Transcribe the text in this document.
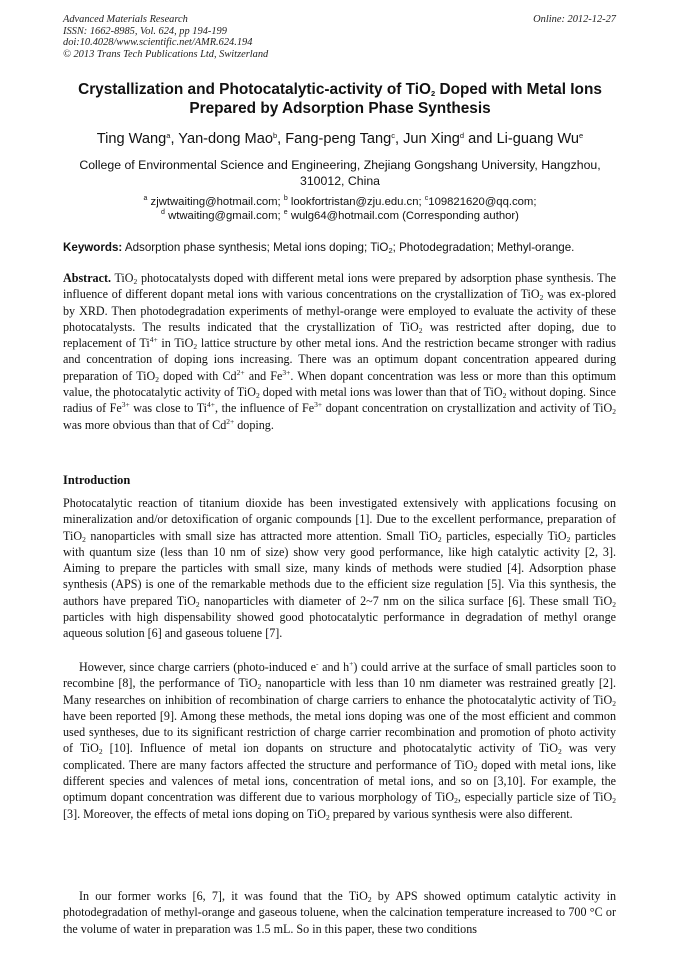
Advanced Materials Research
ISSN: 1662-8985, Vol. 624, pp 194-199
doi:10.4028/www.scientific.net/AMR.624.194
© 2013 Trans Tech Publications Ltd, Switzerland
Online: 2012-12-27
Crystallization and Photocatalytic-activity of TiO$_2$ Doped with Metal Ions
Prepared by Adsorption Phase Synthesis
Ting Wang$^a$, Yan-dong Mao$^b$, Fang-peng Tang$^c$, Jun Xing$^d$ and Li-guang Wu$^e$
College of Environmental Science and Engineering, Zhejiang Gongshang University, Hangzhou,
310012, China
$^a$ zjwtwaiting@hotmail.com; $^b$ lookfortristan@zju.edu.cn; $^c$109821620@qq.com;
$^d$ wtwaiting@gmail.com; $^e$ wulg64@hotmail.com (Corresponding author)
Keywords: Adsorption phase synthesis; Metal ions doping; TiO$_2$; Photodegradation; Methyl-orange.
Abstract. TiO$_2$ photocatalysts doped with different metal ions were prepared by adsorption phase synthesis. The influence of different dopant metal ions with various concentrations on the crystallization of TiO$_2$ was ex-plored by XRD. Then photodegradation experiments of methyl-orange were employed to evaluate the activity of these photocatalysts. The results indicated that the crystallization of TiO$_2$ was restricted after doping, due to replacement of $Ti^{4+}$ in TiO$_2$ lattice structure by other metal ions. And the restriction became stronger with radius and concentration of doping ions increasing. There was an optimum dopant concentration appeared during preparation of TiO$_2$ doped with $Cd^{2+}$ and $Fe^{3+}$. When dopant concentration was less or more than this optimum value, the photocatalytic activity of TiO$_2$ doped with metal ions was lower than that of TiO$_2$ without doping. Since radius of $Fe^{3+}$ was close to $Ti^{4+}$, the influence of $Fe^{3+}$ dopant concentration on crystallization and activity of TiO$_2$ was more obvious than that of $Cd^{2+}$ doping.
Introduction
Photocatalytic reaction of titanium dioxide has been investigated extensively with applications focusing on mineralization and/or detoxification of organic compounds [1]. Due to the excellent performance, preparation of TiO$_2$ nanoparticles with small size has attracted more attention. Small TiO$_2$ particles, especially TiO$_2$ particles with quantum size (less than 10 nm of size) show very good performance, like high catalytic activity [2, 3]. Aiming to prepare the particles with small size, many kinds of methods were studied [4]. Adsorption phase synthesis (APS) is one of the remarkable methods due to the efficient size regulation [5]. Via this synthesis, the authors have prepared TiO$_2$ nanoparticles with diameter of 2~7 nm on the silica surface [6]. These small TiO$_2$ particles with high dispensability showed good photocatalytic performance in degradation of methyl orange aqueous solution [6] and gaseous toluene [7].
However, since charge carriers (photo-induced e- and h+) could arrive at the surface of small particles soon to recombine [8], the performance of TiO$_2$ nanoparticle with less than 10 nm diameter was restrained greatly [2]. Many researches on inhibition of recombination of charge carriers to enhance the photocatalytic activity of TiO$_2$ have been reported [9]. Among these methods, the metal ions doping was one of the most efficient and common used syntheses, due to its significant restriction of charge carrier recombination and promotion of photo activity of TiO$_2$ [10]. Influence of metal ion dopants on structure and photocatalytic activity of TiO$_2$ was very complicated. There are many factors affected the structure and performance of TiO$_2$ doped with metal ions, like different species and valences of metal ions, concentration of metal ions, and so on [3,10]. For example, the optimum dopant concentration was different due to various morphology of TiO$_2$, especially particle size of TiO$_2$ [3]. Moreover, the effects of metal ions doping on TiO$_2$ prepared by various synthesis were also different.
In our former works [6, 7], it was found that the TiO$_2$ by APS showed optimum catalytic activity in photodegradation of methyl-orange and gaseous toluene, when the calcination temperature increased to 700 °C or the volume of water in preparation was 1.5 mL. So in this paper, these two conditions
